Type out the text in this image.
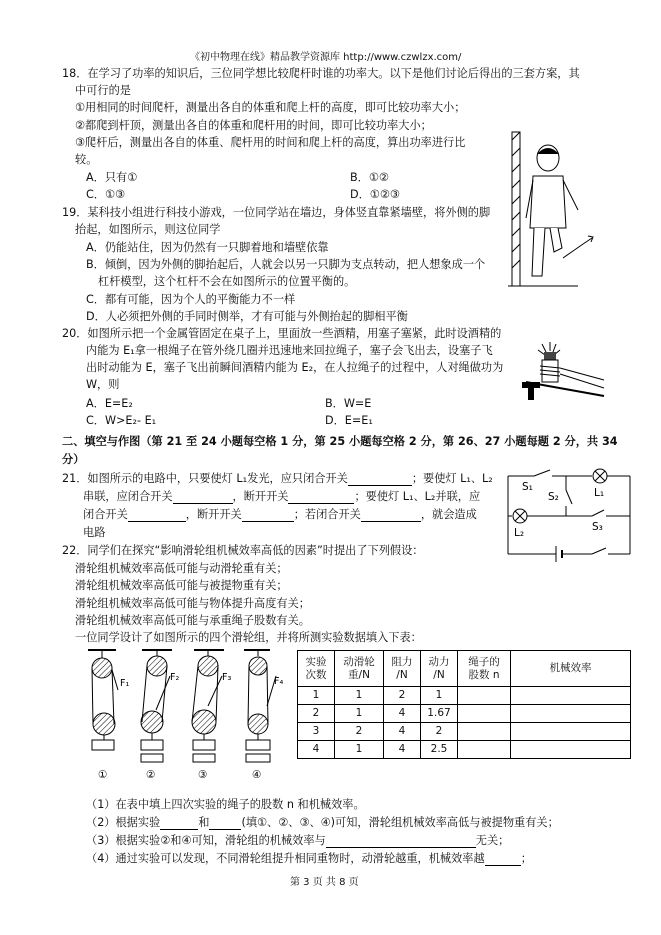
《初中物理在线》精品教学资源库 http://www.czwlzx.com/
18．在学习了功率的知识后，三位同学想比较爬杆时谁的功率大。以下是他们讨论后得出的三套方案，其
中可行的是
①用相同的时间爬杆，测量出各自的体重和爬上杆的高度，即可比较功率大小；
②都爬到杆顶，测量出各自的体重和爬杆用的时间，即可比较功率大小；
③爬杆后，测量出各自的体重、爬杆用的时间和爬上杆的高度，算出功率进行比
较。
A．只有①	B．①②
C．①③	D．①②③
19．某科技小组进行科技小游戏，一位同学站在墙边，身体竖直靠紧墙壁，将外侧的脚
抬起，如图所示，则这位同学
A．仍能站住，因为仍然有一只脚着地和墙壁依靠
B．倾倒，因为外侧的脚抬起后，人就会以另一只脚为支点转动，把人想象成一个
杠杆模型，这个杠杆不会在如图所示的位置平衡的。
C．都有可能，因为个人的平衡能力不一样
D．人必须把外侧的手同时侧举，才有可能与外侧抬起的脚相平衡
20．如图所示把一个金属管固定在桌子上，里面放一些酒精，用塞子塞紧，此时设酒精的
内能为 E₁拿一根绳子在管外绕几圈并迅速地来回拉绳子，塞子会飞出去，设塞子飞
出时动能为 E，塞子飞出前瞬间酒精内能为 E₂，在人拉绳子的过程中，人对绳做功为
W，则
A．E=E₂	B．W=E
C．W>E₂- E₁	D．E=E₁
二、填空与作图（第 21 至 24 小题每空格 1 分，第 25 小题每空格 2 分，第 26、27 小题每题 2 分，共 34
分）
21．如图所示的电路中，只要使灯 L₁发光，应只闭合开关	；要使灯 L₁、L₂
串联，应闭合开关	，断开开关	；要使灯 L₁、L₂并联，应
闭合开关	，断开开关	；若闭合开关	，就会造成
电路
S₁
S₂	L₁
S₃
L₂
22．同学们在探究“影响滑轮组机械效率高低的因素”时提出了下列假设：
滑轮组机械效率高低可能与动滑轮重有关；
滑轮组机械效率高低可能与被提物重有关；
滑轮组机械效率高低可能与物体提升高度有关；
滑轮组机械效率高低可能与承重绳子股数有关。
一位同学设计了如图所示的四个滑轮组，并将所测实验数据填入下表：
F₁
F₂	F₃	F₄
①	②	③	④
实验
次数	动滑轮
重/N	阻力
/N	动力
/N	绳子的
股数 n	机械效率
1	1	2	1		
2	1	4	1.67		
3	2	4	2		
4	1	4	2.5		
（1）在表中填上四次实验的绳子的股数 n 和机械效率。
（2）根据实验	和	(填①、②、③、④)可知，滑轮组机械效率高低与被提物重有关；
（3）根据实验②和④可知，滑轮组的机械效率与	无关；
（4）通过实验可以发现，不同滑轮组提升相同重物时，动滑轮越重，机械效率越	；
第 3 页 共 8 页
